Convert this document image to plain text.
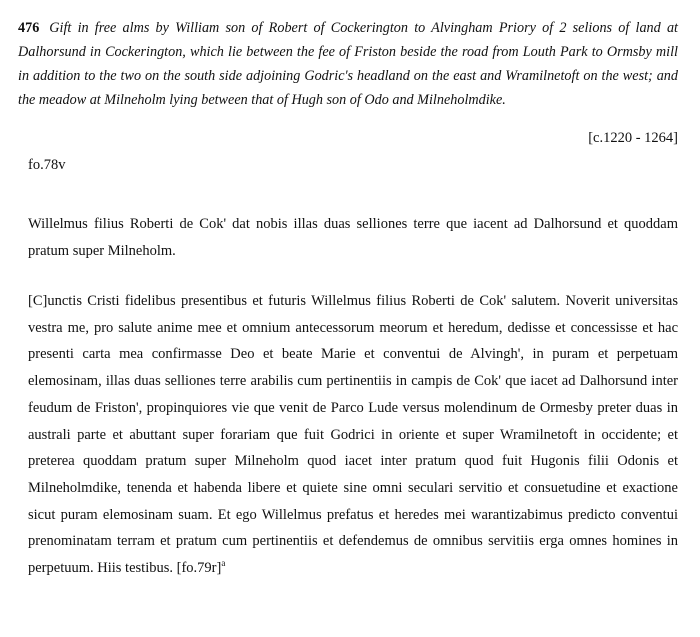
476 Gift in free alms by William son of Robert of Cockerington to Alvingham Priory of 2 selions of land at Dalhorsund in Cockerington, which lie between the fee of Friston beside the road from Louth Park to Ormsby mill in addition to the two on the south side adjoining Godric's headland on the east and Wramilnetoft on the west; and the meadow at Milneholm lying between that of Hugh son of Odo and Milneholmdike.
[c.1220 - 1264]
fo.78v
Willelmus filius Roberti de Cok' dat nobis illas duas selliones terre que iacent ad Dalhorsund et quoddam pratum super Milneholm.
[C]unctis Cristi fidelibus presentibus et futuris Willelmus filius Roberti de Cok' salutem. Noverit universitas vestra me, pro salute anime mee et omnium antecessorum meorum et heredum, dedisse et concessisse et hac presenti carta mea confirmasse Deo et beate Marie et conventui de Alvingh', in puram et perpetuam elemosinam, illas duas selliones terre arabilis cum pertinentiis in campis de Cok' que iacet ad Dalhorsund inter feudum de Friston', propinquiores vie que venit de Parco Lude versus molendinum de Ormesby preter duas in australi parte et abuttant super forariam que fuit Godrici in oriente et super Wramilnetoft in occidente; et preterea quoddam pratum super Milneholm quod iacet inter pratum quod fuit Hugonis filii Odonis et Milneholmdike, tenenda et habenda libere et quiete sine omni seculari servitio et consuetudine et exactione sicut puram elemosinam suam. Et ego Willelmus prefatus et heredes mei warantizabimus predicto conventui prenominatam terram et pratum cum pertinentiis et defendemus de omnibus servitiis erga omnes homines in perpetuum. Hiis testibus. $[fo.79r]^a$
